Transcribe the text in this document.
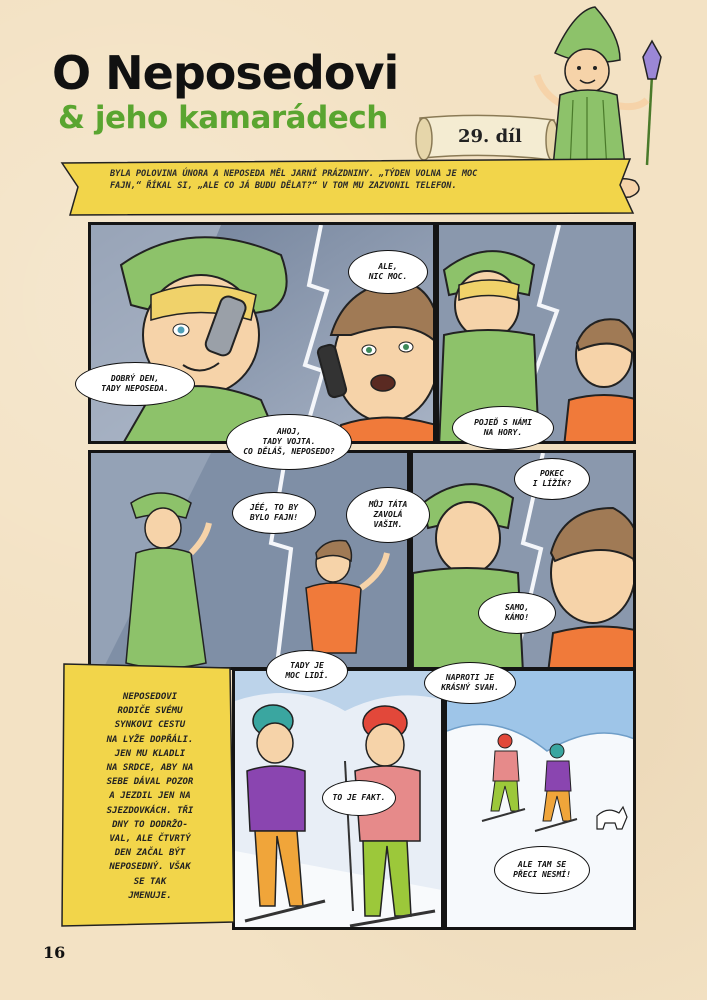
O Neposedovi
& jeho kamarádech
29. díl
BYLA POLOVINA ÚNORA A NEPOSEDA MĚL JARNÍ PRÁZDNINY. „TÝDEN VOLNA JE MOC FAJN,“ ŘÍKAL SI, „ALE CO JÁ BUDU DĚLAT?“ V TOM MU ZAZVONIL TELEFON.
NEPOSEDOVI
RODIČE SVÉMU
SYNKOVI CESTU
NA LYŽE DOPŘÁLI.
JEN MU KLADLI
NA SRDCE, ABY NA
SEBE DÁVAL POZOR
A JEZDIL JEN NA
SJEZDOVKÁCH. TŘI
DNY TO DODRŽO-
VAL, ALE ČTVRTÝ
DEN ZAČAL BÝT
NEPOSEDNÝ. VŠAK
SE TAK
JMENUJE.
DOBRÝ DEN,
TADY NEPOSEDA.
AHOJ,
TADY VOJTA.
CO DĚLÁŠ, NEPOSEDO?
ALE,
NIC MOC.
POJEĎ S NÁMI
NA HORY.
JÉÉ, TO BY
BYLO FAJN!
MŮJ TÁTA
ZAVOLÁ
VAŠIM.
POKEC
I LÍŽÍK?
SAMO,
KÁMO!
TADY JE
MOC LIDÍ.
TO JE FAKT.
NAPROTI JE
KRÁSNÝ SVAH.
ALE TAM SE
PŘECI NESMÍ!
16
